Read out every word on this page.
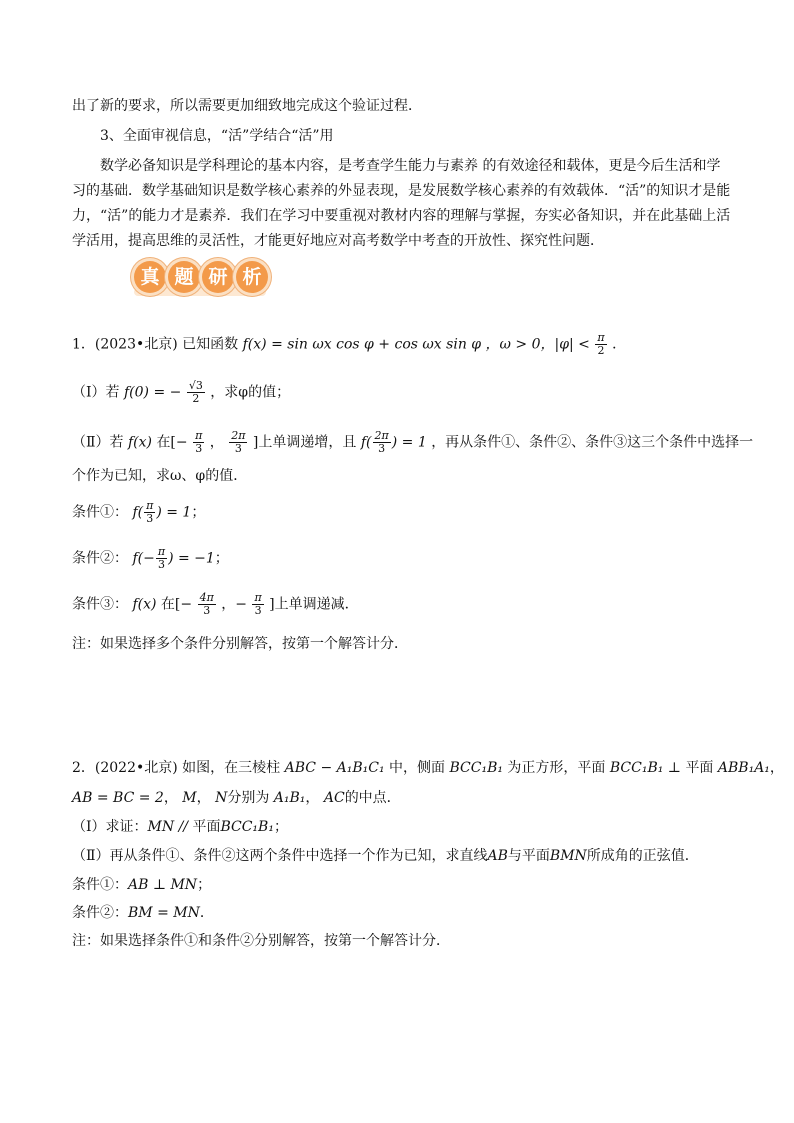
出了新的要求，所以需要更加细致地完成这个验证过程．
3、全面审视信息，“活”学结合“活”用
数学必备知识是学科理论的基本内容，是考查学生能力与素养 的有效途径和载体，更是今后生活和学
习的基础．数学基础知识是数学核心素养的外显表现，是发展数学核心素养的有效载体．“活”的知识才是能
力，“活”的能力才是素养．我们在学习中要重视对教材内容的理解与掌握，夯实必备知识，并在此基础上活
学活用，提高思维的灵活性，才能更好地应对高考数学中考查的开放性、探究性问题．
真 题 研 析
1．(2023•北京) 已知函数 f(x) = sin ωx cos φ + cos ωx sin φ ，ω > 0，$|\varphi| < \frac{\pi}{2}$ ．
（Ⅰ）若 f(0) = − $\frac{√3}{2}$ ，求φ的值；
（Ⅱ）若 f(x) 在[− $\frac{\pi}{3}$ ， $\frac{2\pi}{3}$ ]上单调递增，且 $f( \frac{2\pi}{3}$ ) = 1 ，再从条件①、条件②、条件③这三个条件中选择一
个作为已知，求ω、φ的值．
条件①： $f( \frac{\pi}{3}$ ) = 1；
条件②： $f(- \frac{\pi}{3}$ ) = −1；
条件③： f(x) 在[− $\frac{4\pi}{3}$ ，− $\frac{\pi}{3}$ ]上单调递减．
注：如果选择多个条件分别解答，按第一个解答计分．
2．(2022•北京) 如图，在三棱柱 ABC − A₁B₁C₁ 中，侧面 BCC₁B₁ 为正方形，平面 BCC₁B₁ ⊥ 平面 ABB₁A₁，
AB = BC = 2， M， N分别为 A₁B₁， AC的中点．
（Ⅰ）求证：MN // 平面BCC₁B₁；
（Ⅱ）再从条件①、条件②这两个条件中选择一个作为已知，求直线AB与平面BMN所成角的正弦值．
条件①：AB ⊥ MN；
条件②：BM = MN．
注：如果选择条件①和条件②分别解答，按第一个解答计分．
